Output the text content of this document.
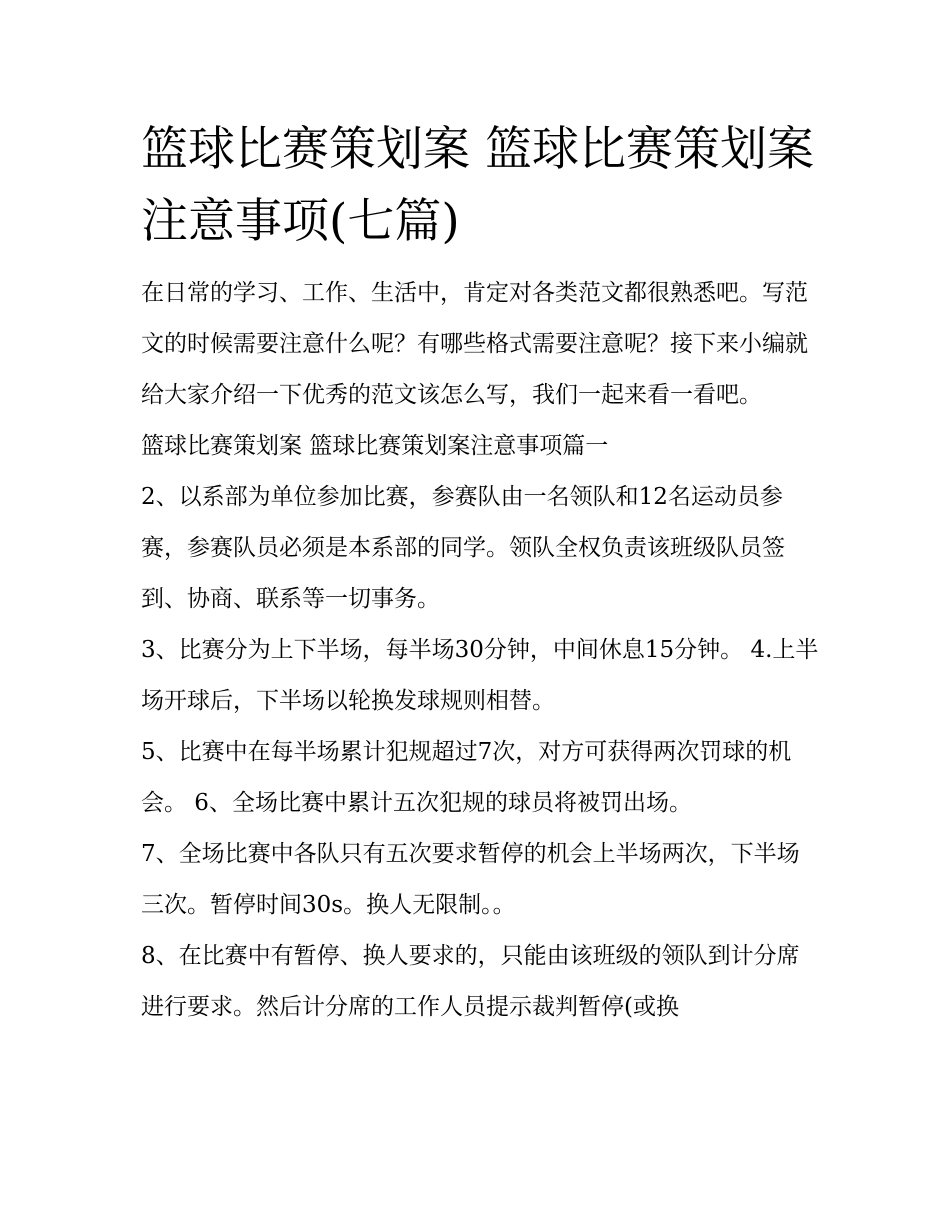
篮球比赛策划案 篮球比赛策划案注意事项(七篇)

在日常的学习、工作、生活中，肯定对各类范文都很熟悉吧。写范文的时候需要注意什么呢？有哪些格式需要注意呢？接下来小编就给大家介绍一下优秀的范文该怎么写，我们一起来看一看吧。

篮球比赛策划案 篮球比赛策划案注意事项篇一

2、以系部为单位参加比赛，参赛队由一名领队和12名运动员参赛，参赛队员必须是本系部的同学。领队全权负责该班级队员签到、协商、联系等一切事务。

3、比赛分为上下半场，每半场30分钟，中间休息15分钟。 4.上半场开球后，下半场以轮换发球规则相替。

5、比赛中在每半场累计犯规超过7次，对方可获得两次罚球的机会。 6、全场比赛中累计五次犯规的球员将被罚出场。

7、全场比赛中各队只有五次要求暂停的机会上半场两次，下半场三次。暂停时间30s。换人无限制。。

8、在比赛中有暂停、换人要求的，只能由该班级的领队到计分席进行要求。然后计分席的工作人员提示裁判暂停(或换
